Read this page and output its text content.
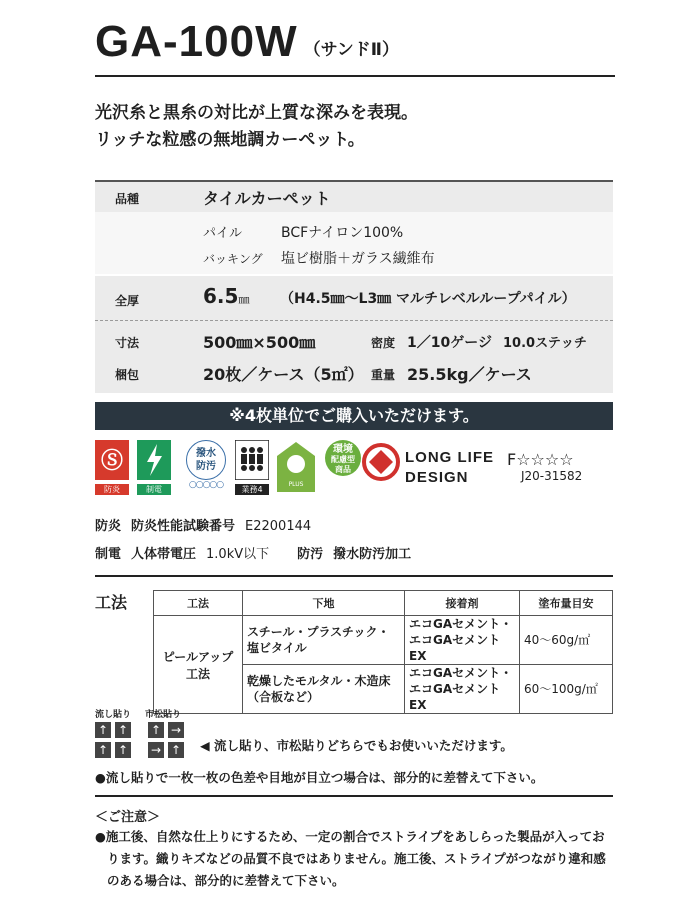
GA-100W （サンドⅡ）
光沢糸と黒糸の対比が上質な深みを表現。
リッチな粒感の無地調カーペット。
品種	タイルカーペット
パイル	BCFナイロン100%
バッキング 塩ビ樹脂＋ガラス繊維布
全厚	6.5㎜ （H4.5㎜～L3㎜ マルチレベルループパイル）
寸法	500㎜×500㎜	密度 1／10ゲージ 10.0ステッチ
梱包	20枚／ケース（5㎡） 重量 25.5kg／ケース
※4枚単位でご購入いただけます。
Ⓢ
防炎	制電
撥水
防汚
○○○○○	業務4
PLUS
環境
配慮型
商品
LONG LIFE
DESIGN
F☆☆☆☆
J20-31582
防炎 防炎性能試験番号 E2200144
制電 人体帯電圧 1.0kV以下 防汚 撥水防汚加工
工法	工法	下地	接着剤	塗布量目安

ピールアップ工法	スチール・プラスチック・塩ビタイル	エコGAセメント・エコGAセメントEX	40～60g/㎡
	乾燥したモルタル・木造床（合板など）	エコGAセメント・エコGAセメントEX	60～100g/㎡
流し貼り 市松貼り
↑ ↑
↑ ↑
↑ →
→ ↑ ◀ 流し貼り、市松貼りどちらでもお使いいただけます。
●流し貼りで一枚一枚の色差や目地が目立つ場合は、部分的に差替えて下さい。
＜ご注意＞
●施工後、自然な仕上りにするため、一定の割合でストライプをあしらった製品が入っております。織りキズなどの品質不良ではありません。施工後、ストライプがつながり違和感のある場合は、部分的に差替えて下さい。
